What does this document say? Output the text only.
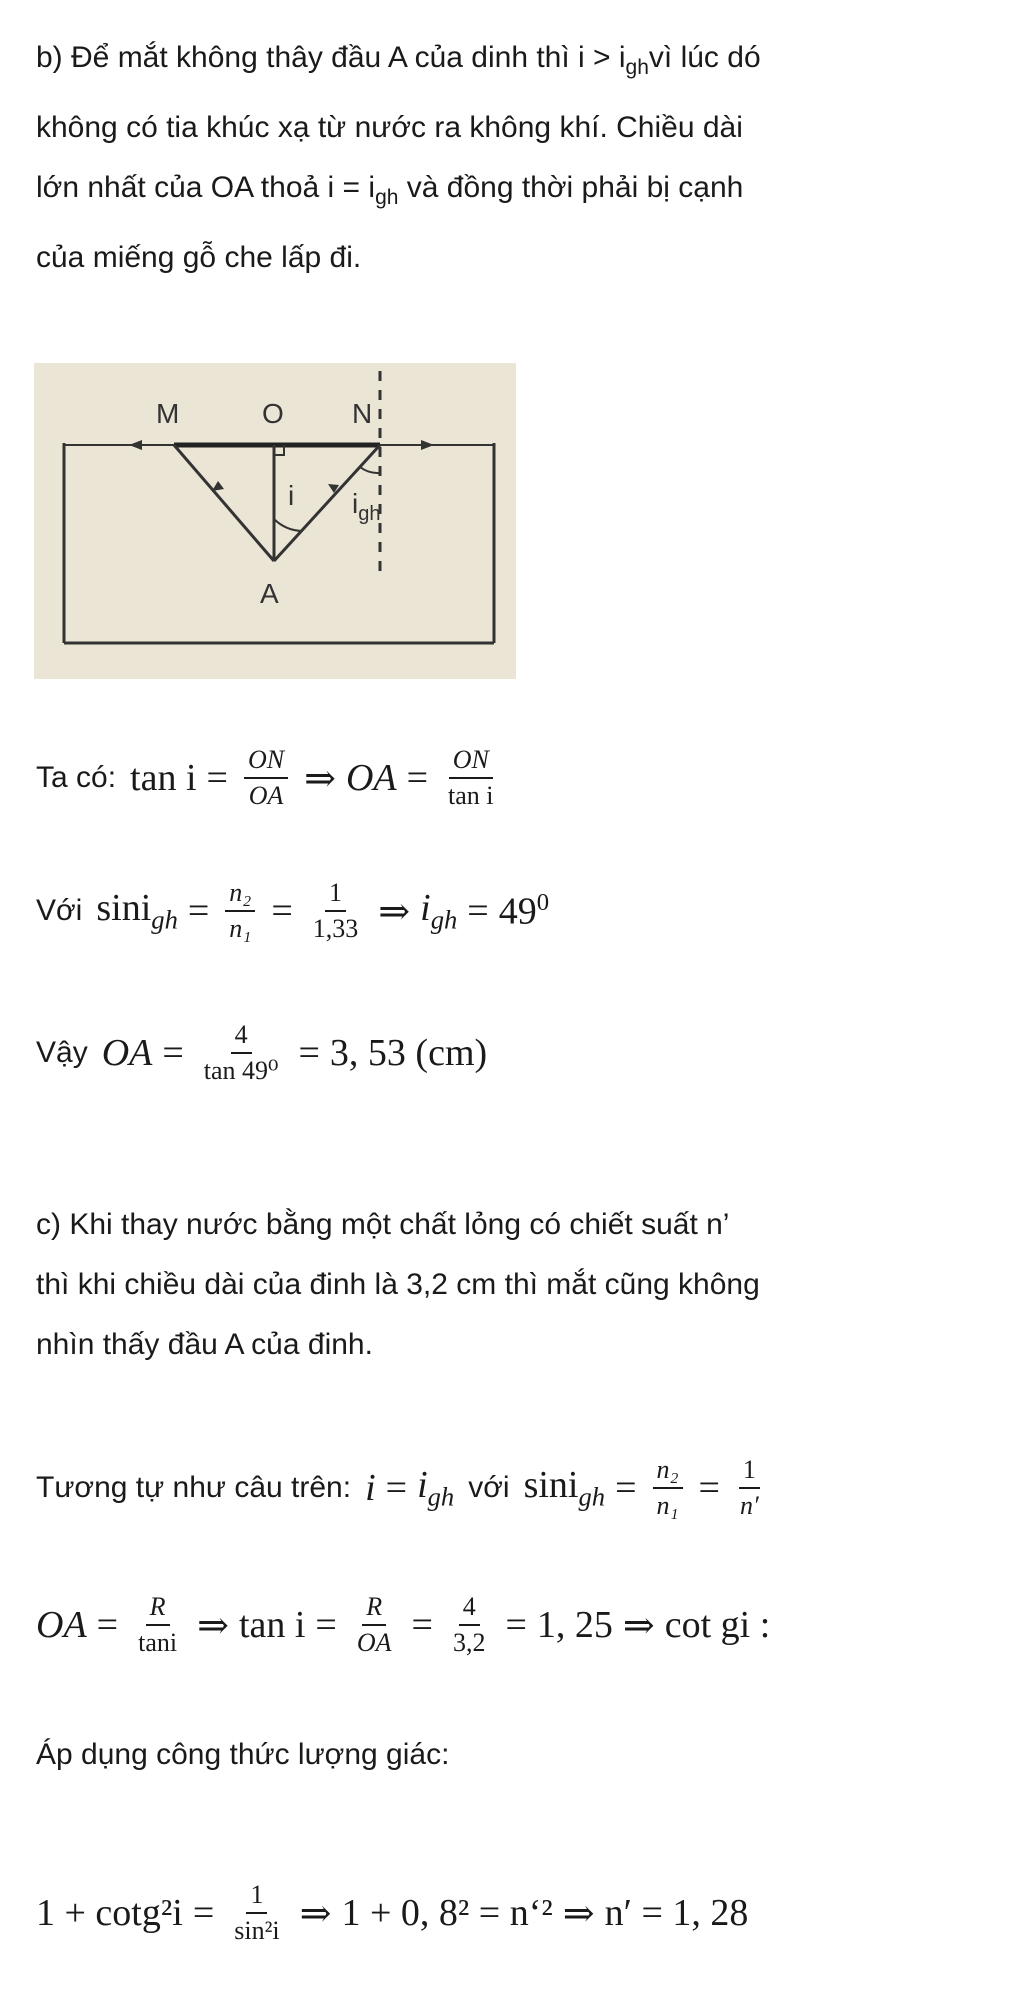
b) Để mắt không thây đầu A của dinh thì $i > i_{gh}vì$ lúc dó
không có tia khúc xạ từ nước ra không khí. Chiều dài
lớn nhất của OA thoả $i = i_{gh}$ và đồng thời phải bị cạnh
của miếng gỗ che lấp đi.
M	O N
A
i $i_{gh}$
Ta có: $\tan i = \frac{ON}{OA}$ ⇒ OA = $\frac{ON}{\text{tan i}}$
Với $\sin i_{gh} = \frac{\text{n₂}}{\text{n₁}} = \frac{1}{1,33}$ ⇒ $i_{gh} = 49^0$
Vậy OA = $\frac{4}{\text{tan 49⁰}} = 3$, 53 (cm)
c) Khi thay nước bằng một chất lỏng có chiết suất n’
thì khi chiều dài của đinh là 3,2 cm thì mắt cũng không
nhìn thấy đầu A của đinh.
Tương tự như câu trên: $i = i_{gh}$ với $\sin i_{gh} = \frac{\text{n₂}}{\text{n₁}} = \frac{1}{n'}$
OA = $\frac{R}{\tan i}$ ⇒ $\tan i = \frac{R}{OA} = \frac{4}{3,2} = 1$, 25 ⇒ cot gi :
Áp dụng công thức lượng giác:
$1 + \cot g^2i = \frac{1}{\text{sin²i}}$ ⇒ 1 + 0, 8² = n‘² ⇒ n′ = 1, 28
